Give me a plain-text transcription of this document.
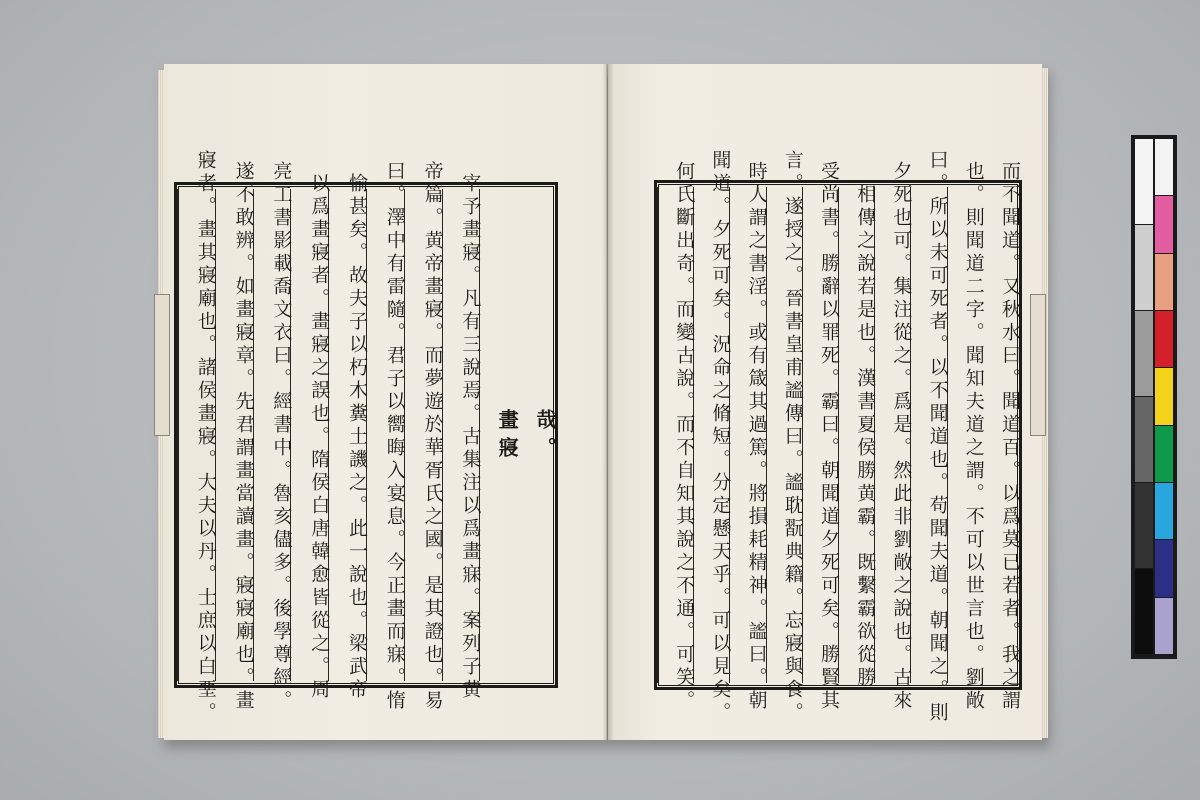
哉。
畫寢
宰予畫寢。凡有三說焉。古集注以爲畫寐。案列子黄
帝篇。黄帝畫寢。而夢遊於華胥氏之國。是其證也。易
曰。澤中有雷隨。君子以嚮晦入宴息。今正畫而寐。惰
愉甚矣。故夫子以朽木糞土譏之。此一說也。梁武帝
以爲畫寢者。畫寢之誤也。隋侯白唐韓愈皆從之。周
亮工書影載喬文衣曰。經書中。魯亥儘多。後學尊經。
遂不敢辨。如畫寢章。先君謂畫當讀畫。寢寢廟也。畫
寢者。畫其寢廟也。諸侯畫寢。大夫以丹。士庶以白堊。	而不聞道。又秋水曰。聞道百。以爲莫已若者。我之謂
也。則聞道二字。聞知夫道之謂。不可以世言也。劉敞
曰。所以未可死者。以不聞道也。苟聞夫道。朝聞之。則
夕死也可。集注從之。爲是。然此非劉敞之說也。古來
相傳之說若是也。漢書夏侯勝黄霸。既繫霸欲從勝
受尚書。勝辭以罪死。霸曰。朝聞道夕死可矣。勝賢其
言。遂授之。晉書皇甫謐傳曰。謐耽翫典籍。忘寢與食。
時人謂之書淫。或有箴其過篤。將損耗精神。謐曰。朝
聞道。夕死可矣。況命之脩短。分定懸天乎。可以見矣。
何氏斷出奇。而變古說。而不自知其說之不通。可笑。
